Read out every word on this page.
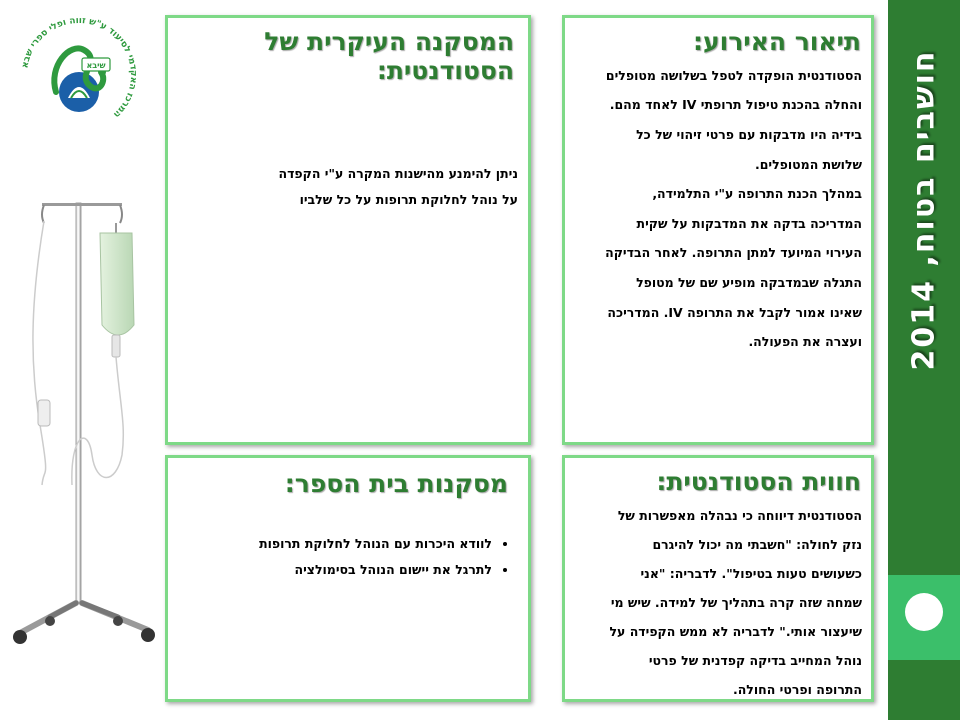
חושבים בטוח, 2014
המרכז האקדמי לסיעוד ע"ש זווה ופלי ספרי שבא
שיבא
תיאור האירוע:
הסטודנטית הופקדה לטפל בשלושה מטופלים
והחלה בהכנת טיפול תרופתי IV לאחד מהם.
בידיה היו מדבקות עם פרטי זיהוי של כל
שלושת המטופלים.
במהלך הכנת התרופה ע"י התלמידה,
המדריכה בדקה את המדבקות על שקית
העירוי המיועד למתן התרופה. לאחר הבדיקה
התגלה שבמדבקה מופיע שם של מטופל
שאינו אמור לקבל את התרופה IV. המדריכה
ועצרה את הפעולה.
המסקנה העיקרית של הסטודנטית:
ניתן להימנע מהישנות המקרה ע"י הקפדה
על נוהל לחלוקת תרופות על כל שלביו
חווית הסטודנטית:
הסטודנטית דיווחה כי נבהלה מאפשרות של
נזק לחולה: "חשבתי מה יכול להיגרם
כשעושים טעות בטיפול". לדבריה: "אני
שמחה שזה קרה בתהליך של למידה. שיש מי
שיעצור אותי." לדבריה לא ממש הקפידה על
נוהל המחייב בדיקה קפדנית של פרטי
התרופה ופרטי החולה.
מסקנות בית הספר:
• לוודא היכרות עם הנוהל לחלוקת תרופות
• לתרגל את יישום הנוהל בסימולציה
